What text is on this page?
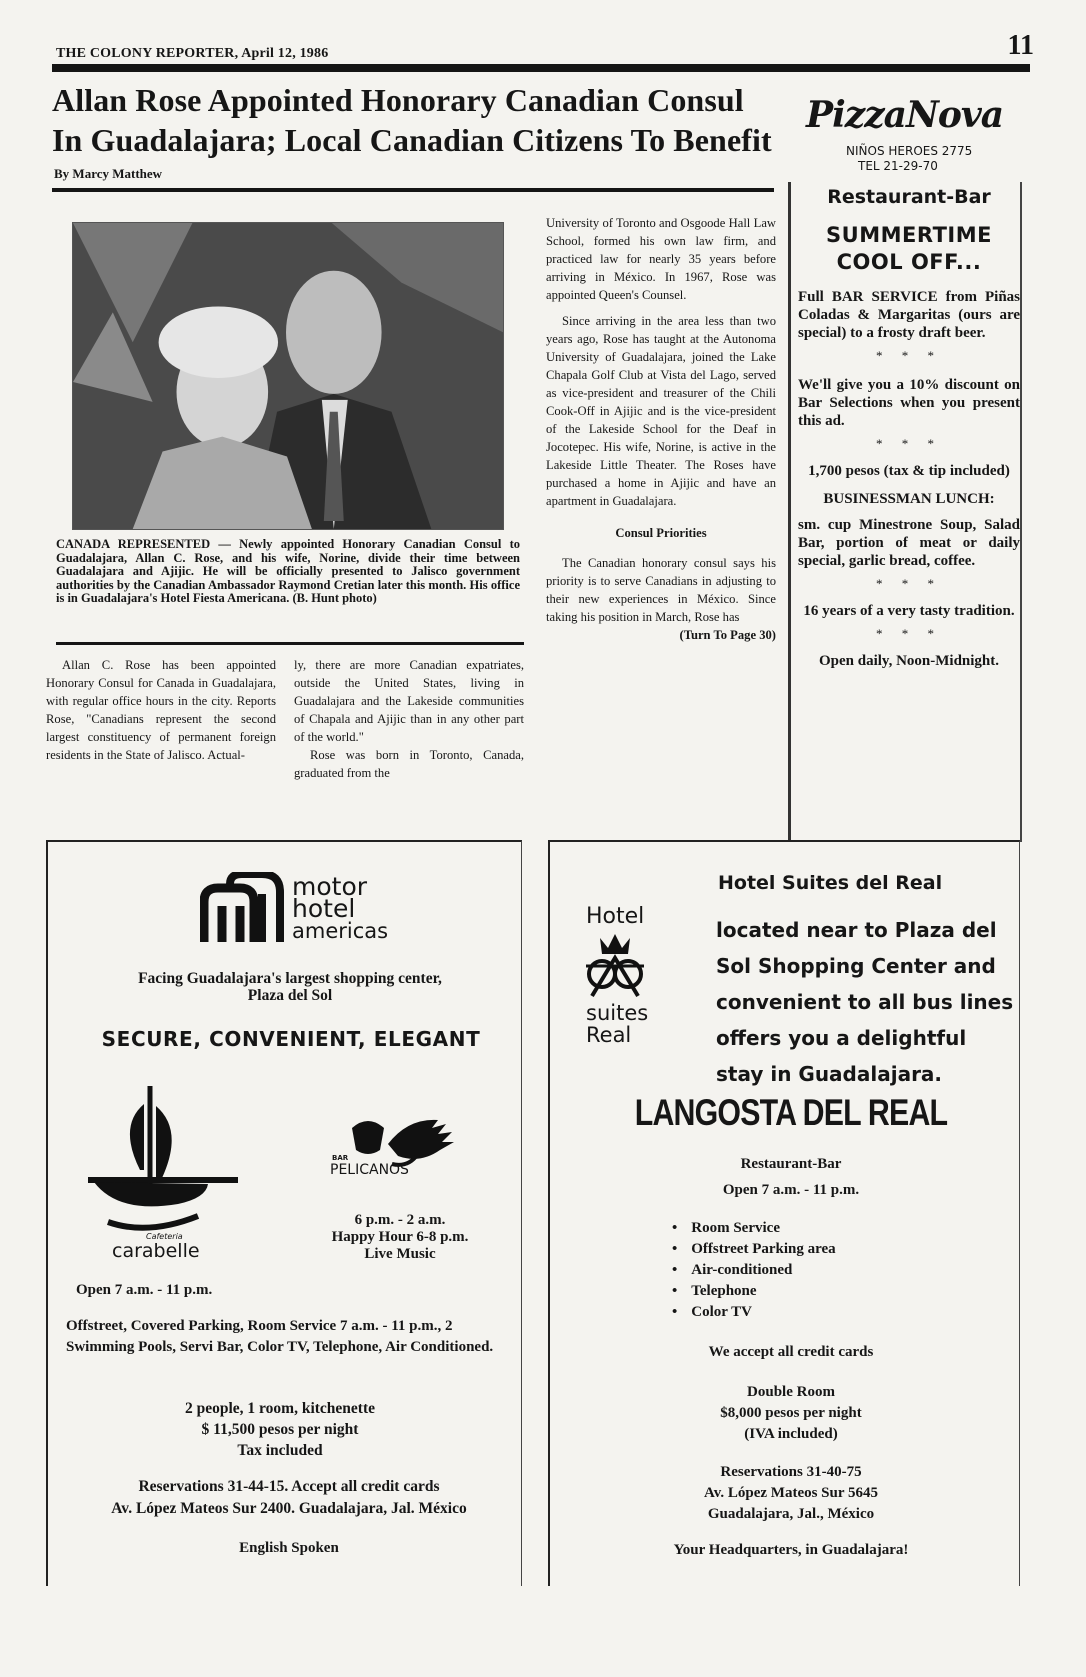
THE COLONY REPORTER, April 12, 1986	11
Allan Rose Appointed Honorary Canadian Consul
In Guadalajara; Local Canadian Citizens To Benefit
By Marcy Matthew
CANADA REPRESENTED — Newly appointed Honorary Canadian Consul to Guadalajara, Allan C. Rose, and his wife, Norine, divide their time between Guadalajara and Ajijic. He will be officially presented to Jalisco government authorities by the Canadian Ambassador Raymond Cretian later this month. His office is in Guadalajara's Hotel Fiesta Americana. (B. Hunt photo)

Allan C. Rose has been appointed Honorary Consul for Canada in Guadalajara, with regular office hours in the city. Reports Rose, "Canadians represent the second largest constituency of permanent foreign residents in the State of Jalisco. Actual-

ly, there are more Canadian expatriates, outside the United States, living in Guadalajara and the Lakeside communities of Chapala and Ajijic than in any other part of the world."

Rose was born in Toronto, Canada, graduated from the

University of Toronto and Osgoode Hall Law School, formed his own law firm, and practiced law for nearly 35 years before arriving in México. In 1967, Rose was appointed Queen's Counsel.

Since arriving in the area less than two years ago, Rose has taught at the Autonoma University of Guadalajara, joined the Lake Chapala Golf Club at Vista del Lago, served as vice-president and treasurer of the Chili Cook-Off in Ajijic and is the vice-president of the Lakeside School for the Deaf in Jocotepec. His wife, Norine, is active in the Lakeside Little Theater. The Roses have purchased a home in Ajijic and have an apartment in Guadalajara.

Consul Priorities

The Canadian honorary consul says his priority is to serve Canadians in adjusting to their new experiences in México. Since taking his position in March, Rose has

(Turn To Page 30)

PizzaNova
NIÑOS HEROES 2775
TEL 21-29-70
Restaurant-Bar
SUMMERTIME
COOL OFF...
Full BAR SERVICE from Piñas Coladas & Margaritas (ours are special) to a frosty draft beer.
* * *
We'll give you a 10% discount on Bar Selections when you present this ad.
* * *
1,700 pesos (tax & tip included)
BUSINESSMAN LUNCH:
sm. cup Minestrone Soup, Salad Bar, portion of meat or daily special, garlic bread, coffee.
* * *
16 years of a very tasty tradition.
* * *
Open daily, Noon-Midnight.
motor
hotel
americas
Facing Guadalajara's largest shopping center, Plaza del Sol
SECURE, CONVENIENT, ELEGANT
Cafeteria
carabelle
BAR
PELICANOS
6 p.m. - 2 a.m.
Happy Hour 6-8 p.m.
Live Music
Open 7 a.m. - 11 p.m.
Offstreet, Covered Parking, Room Service 7 a.m. - 11 p.m., 2 Swimming Pools, Servi Bar, Color TV, Telephone, Air Conditioned.
2 people, 1 room, kitchenette
$ 11,500 pesos per night
Tax included
Reservations 31-44-15. Accept all credit cards
Av. López Mateos Sur 2400. Guadalajara, Jal. México
English Spoken
Hotel Suites del Real
located near to Plaza del Sol Shopping Center and convenient to all bus lines offers you a delightful stay in Guadalajara.
Hotel
suites
Real
LANGOSTA DEL REAL
Restaurant-Bar
Open 7 a.m. - 11 p.m.
• Room Service
• Offstreet Parking area
• Air-conditioned
• Telephone
• Color TV
We accept all credit cards
Double Room
$8,000 pesos per night
(IVA included)
Reservations 31-40-75
Av. López Mateos Sur 5645
Guadalajara, Jal., México
Your Headquarters, in Guadalajara!
